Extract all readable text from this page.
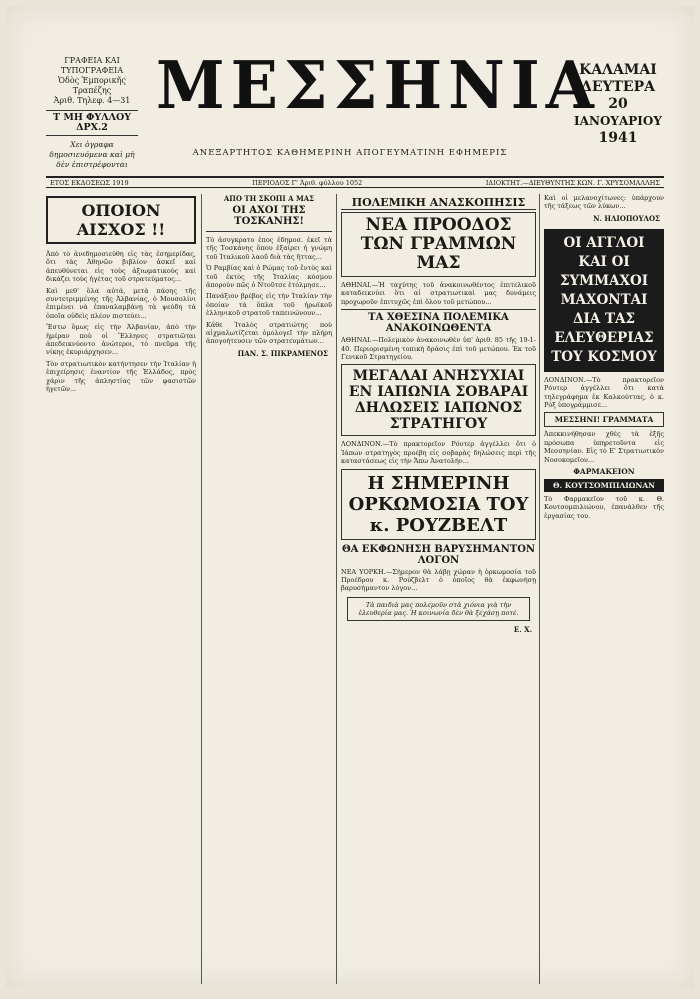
ΓΡΑΦΕΙΑ ΚΑΙ ΤΥΠΟΓΡΑΦΕΙΑ
Ὁδὸς Ἐμπορικῆς Τραπέζης
Ἀριθ. Τηλεφ. 4—31
Τ ΜΗ ΦΥΛΛΟΥ ΔΡΧ.2
Χει ὁγραφα δημοσιευόμενα καὶ μὴ δὲν ἐπιστρέφονται
ΜΕΣΣΗΝΙΑ
ΑΝΕΞΑΡΤΗΤΟΣ ΚΑΘΗΜΕΡΙΝΗ ΑΠΟΓΕΥΜΑΤΙΝΗ ΕΦΗΜΕΡΙΣ
ΚΑΛΑΜΑΙ
ΔΕΥΤΕΡΑ
20
ΙΑΝΟΥΑΡΙΟΥ
1941
ΕΤΟΣ ΕΚΔΟΣΕΩΣ 1919	ΠΕΡΙΟΔΟΣ Γ' Ἀριθ. φύλλου 1052	ΙΔΙΟΚΤΗΤ.—ΔΙΕΥΘΥΝΤΗΣ ΚΩΝ. Γ. ΧΡΥΣΟΜΑΛΛΗΣ
ΟΠΟΙΟΝ ΑΙΣΧΟΣ !!

Ἀπὸ τὸ ἀνεδημοσιεύθη εἰς τὰς ἐσημερίδας, ὅτι τὰς Ἀθηνῶν βιβλίον ἀσκεῖ καὶ ἀπευθύνεται εἰς τοὺς ἀξιωματικούς καὶ δικάζει τοὺς ἡγέτας τοῦ στρατεύματος...

Καὶ μεθ' ὅλα αὐτά, μετὰ πάσης τῆς συντετριμμένης τῆς Ἀλβανίας, ὁ Μουσολίνι ἐπιμένει νὰ ἐπαναλαμβάνῃ τὰ ψεύδη τὰ ὁποῖα οὐδεὶς πλέον πιστεύει...

Ἔστω ὅμως εἰς τὴν Ἀλβανίαν, ἀπὸ τὴν ἡμέραν ποὺ οἱ Ἕλληνες στρατιῶται ἀπεδεικνύοντο ἀνώτεροι, τὸ πνεῦμα τῆς νίκης ἐκυριάρχησεν...

Τὸν στρατιωτικὸν κατήντησεν τὴν Ἰταλίαν ἡ ἐπιχείρησις ἐναντίον τῆς Ἑλλάδος, πρὸς χάριν τῆς ἀπληστίας τῶν φασιστῶν ἡγετῶν...

ΑΠΟ ΤΗ ΣΚΟΠΙ Α ΜΑΣ
ΟΙ ΑΧΟΙ ΤΗΣ ΤΟΣΚΑΝΗΣ!

Τὸ ἀσυγκρατο ἐπος ἐδημοσ. ἐκεῖ τὰ τῆς Τοσκάνης ὅπου ἐξαίρει ἡ γνώμη τοῦ Ἰταλικοῦ λαοῦ διὰ τὰς ἥττας...

Ὁ Ραμβίας καὶ ὁ Ρώμας τοῦ ἔντὸς καὶ τοῦ ἐκτὸς τῆς Ἰταλίας κόσμου ἀπορούν πῶς ὁ Ντοῦτσε ἐτόλμησε...

Πανάξιον βρέβος εἰς τὴν Ἰταλίαν τὴν ὁποίαν τὰ ὅπλα τοῦ ἡρωϊκοῦ ἑλληνικοῦ στρατοῦ ταπεινώνουν...

Κάθε Ἰταλὸς στρατιώτης ποὺ αἰχμαλωτίζεται ὁμολογεῖ τὴν πλήρη ἀπογοήτευσιν τῶν στρατευμάτων...

ΠΑΝ. Σ. ΠΙΚΡΑΜΕΝΟΣ
ΠΟΛΕΜΙΚΗ ΑΝΑΣΚΟΠΗΣΙΣ
ΝΕΑ ΠΡΟΟΔΟΣ ΤΩΝ ΓΡΑΜΜΩΝ ΜΑΣ

ΑΘΗΝΑΙ.—Ἡ ταχύτης τοῦ ἀνακοινωθέντος ἐπιτελικοῦ καταδεικνύει ὅτι αἱ στρατιωτικαὶ μας δυνάμεις προχωροῦν ἐπιτυχῶς ἐπὶ ὅλου τοῦ μετώπου...

ΤΑ ΧΘΕΣΙΝΑ ΠΟΛΕΜΙΚΑ ΑΝΑΚΟΙΝΩΘΕΝΤΑ

ΑΘΗΝΑΙ.—Πολεμικὸν ἀνακοινωθὲν ὑπ' ἀριθ. 85 τῆς 19-1-40. Περιορισμένη τοπικὴ δράσις ἐπὶ τοῦ μετώπου. Ἐκ τοῦ Γενικοῦ Στρατηγείου.

ΜΕΓΑΛΑΙ ΑΝΗΣΥΧΙΑΙ ΕΝ ΙΑΠΩΝΙΑ ΣΟΒΑΡΑΙ ΔΗΛΩΣΕΙΣ ΙΑΠΩΝΟΣ ΣΤΡΑΤΗΓΟΥ

ΛΟΝΔΙΝΟΝ.—Τὸ πρακτορεῖον Ρόυτερ ἀγγέλλει ὅτι ὁ Ἰάπων στρατηγὸς προέβη εἰς σοβαρὰς δηλώσεις περὶ τῆς καταστάσεως εἰς τὴν Ἄπω Ἀνατολήν...

Η ΣΗΜΕΡΙΝΗ ΟΡΚΩΜΟΣΙΑ ΤΟΥ κ. ΡΟΥΖΒΕΛΤ
ΘΑ ΕΚΦΩΝΗΣΗ ΒΑΡΥΣΗΜΑΝΤΟΝ ΛΟΓΟΝ

ΝΕΑ ΥΟΡΚΗ.—Σήμερον θὰ λάβῃ χώραν ἡ ὁρκωμοσία τοῦ Προέδρου κ. Ρούζβελτ ὁ ὁποῖος θὰ ἐκφωνήσῃ βαρυσήμαντον λόγον...

Τὰ παιδιὰ μας πολεμοῦν στὰ χιόνια γιὰ τὴν ἐλευθερία μας. Ἡ κοινωνία δὲν θὰ ξεχάσῃ ποτέ.
Ε. Χ.

Καὶ οἱ μελανοχίτωνες: ὑπάρχουν τῆς τάξεως τῶν λύκων...

Ν. ΗΛΙΟΠΟΥΛΟΣ
ΟΙ ΑΓΓΛΟΙ ΚΑΙ ΟΙ ΣΥΜΜΑΧΟΙ ΜΑΧΟΝΤΑΙ ΔΙΑ ΤΑΣ ΕΛΕΥΘΕΡΙΑΣ ΤΟΥ ΚΟΣΜΟΥ

ΛΟΝΔΙΝΟΝ.—Τὸ πρακτορεῖον Ρόυτερ ἀγγέλλει ὅτι κατὰ τηλεγράφημα ἐκ Καλκούττας, ὁ κ. Ρὸξ ὑπογράμμισε...

ΜΕΣΣΗΝΙ! ΓΡΑΜΜΑΤΑ

Ἀπεκκινήθησαν χθὲς τὰ ἑξῆς πρόσωπα ὑπηρετοῦντα εἰς Μεσσηνίαν. Εἰς τὸ Ε' Στρατιωτικὸν Νοσοκομεῖον...

ΦΑΡΜΑΚΕΙΟΝ
Θ. ΚΟΥΤΣΟΜΠΙΛΙΩΝΑΝ

Τὸ Φαρμακεῖον τοῦ κ. Θ. Κουτσομπιλιώνου, ἐπανάλθεν τῆς ἐργασίας του.
